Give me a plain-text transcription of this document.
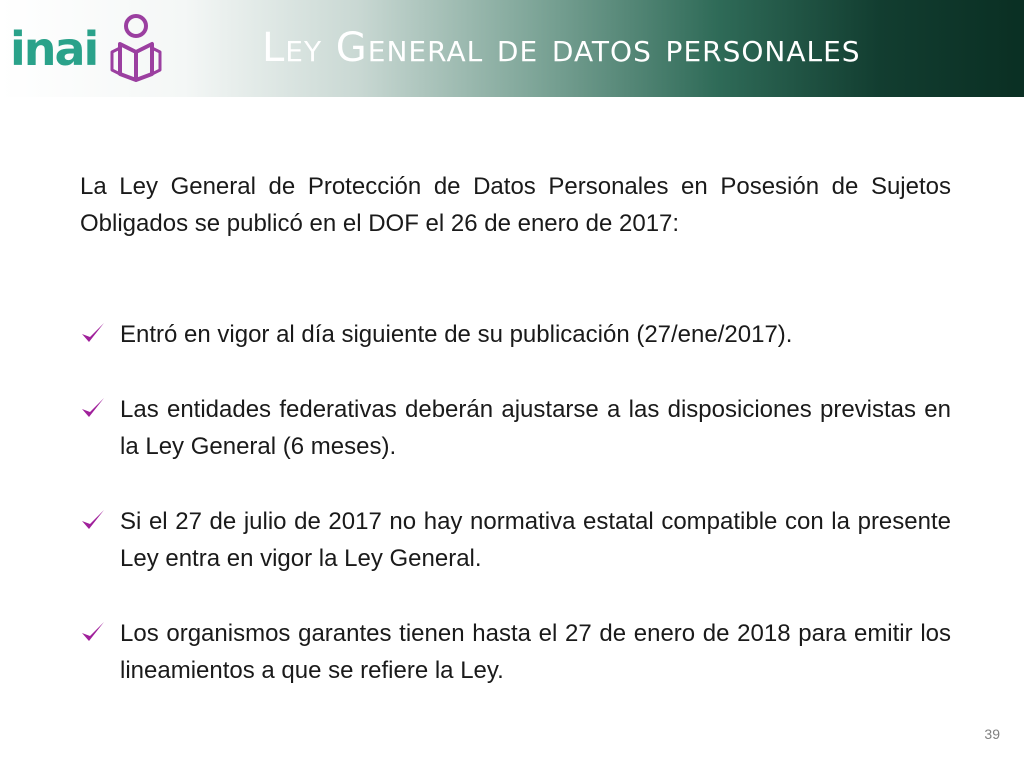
inai	Ley General de datos personales

La Ley General de Protección de Datos Personales en Posesión de Sujetos Obligados se publicó en el DOF el 26 de enero de 2017:

Entró en vigor al día siguiente de su publicación (27/ene/2017).
Las entidades federativas deberán ajustarse a las disposiciones previstas en la Ley General (6 meses).
Si el 27 de julio de 2017 no hay normativa estatal compatible con la presente Ley entra en vigor la Ley General.
Los organismos garantes tienen hasta el 27 de enero de 2018 para emitir los lineamientos a que se refiere la Ley.
39
